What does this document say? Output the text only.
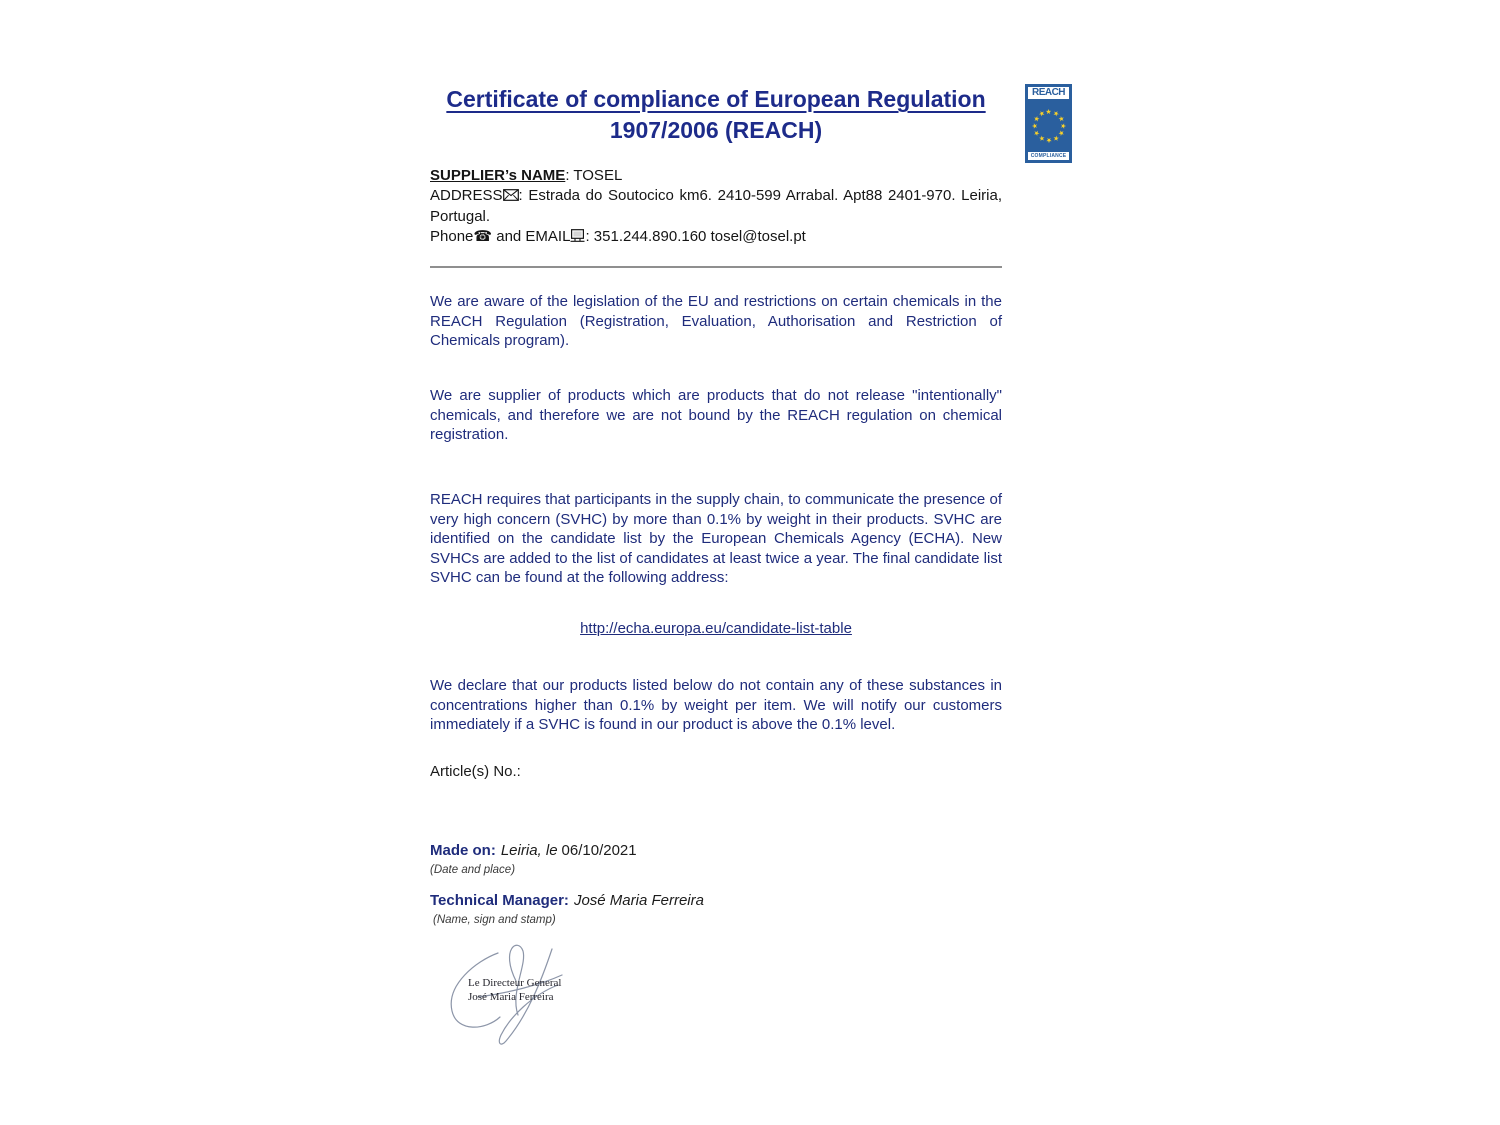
Certificate of compliance of European Regulation
1907/2006 (REACH)
SUPPLIER’s NAME: TOSEL
ADDRESS : Estrada do Soutocico km6. 2410-599 Arrabal. Apt88 2401-970. Leiria, Portugal.
Phone☎ and EMAIL : 351.244.890.160 tosel@tosel.pt
We are aware of the legislation of the EU and restrictions on certain chemicals in the REACH Regulation (Registration, Evaluation, Authorisation and Restriction of Chemicals program).
We are supplier of products which are products that do not release "intentionally" chemicals, and therefore we are not bound by the REACH regulation on chemical registration.
REACH requires that participants in the supply chain, to communicate the presence of very high concern (SVHC) by more than 0.1% by weight in their products. SVHC are identified on the candidate list by the European Chemicals Agency (ECHA). New SVHCs are added to the list of candidates at least twice a year. The final candidate list SVHC can be found at the following address:
http://echa.europa.eu/candidate-list-table
We declare that our products listed below do not contain any of these substances in concentrations higher than 0.1% by weight per item. We will notify our customers immediately if a SVHC is found in our product is above the 0.1% level.
Article(s) No.:
Made on: Leiria, le 06/10/2021
(Date and place)
Technical Manager: José Maria Ferreira
(Name, sign and stamp)
Le Directeur General
José Maria Ferreira
REACH
★ ★
★
★
★
★
★
★
★
★
★
★
COMPLIANCE
